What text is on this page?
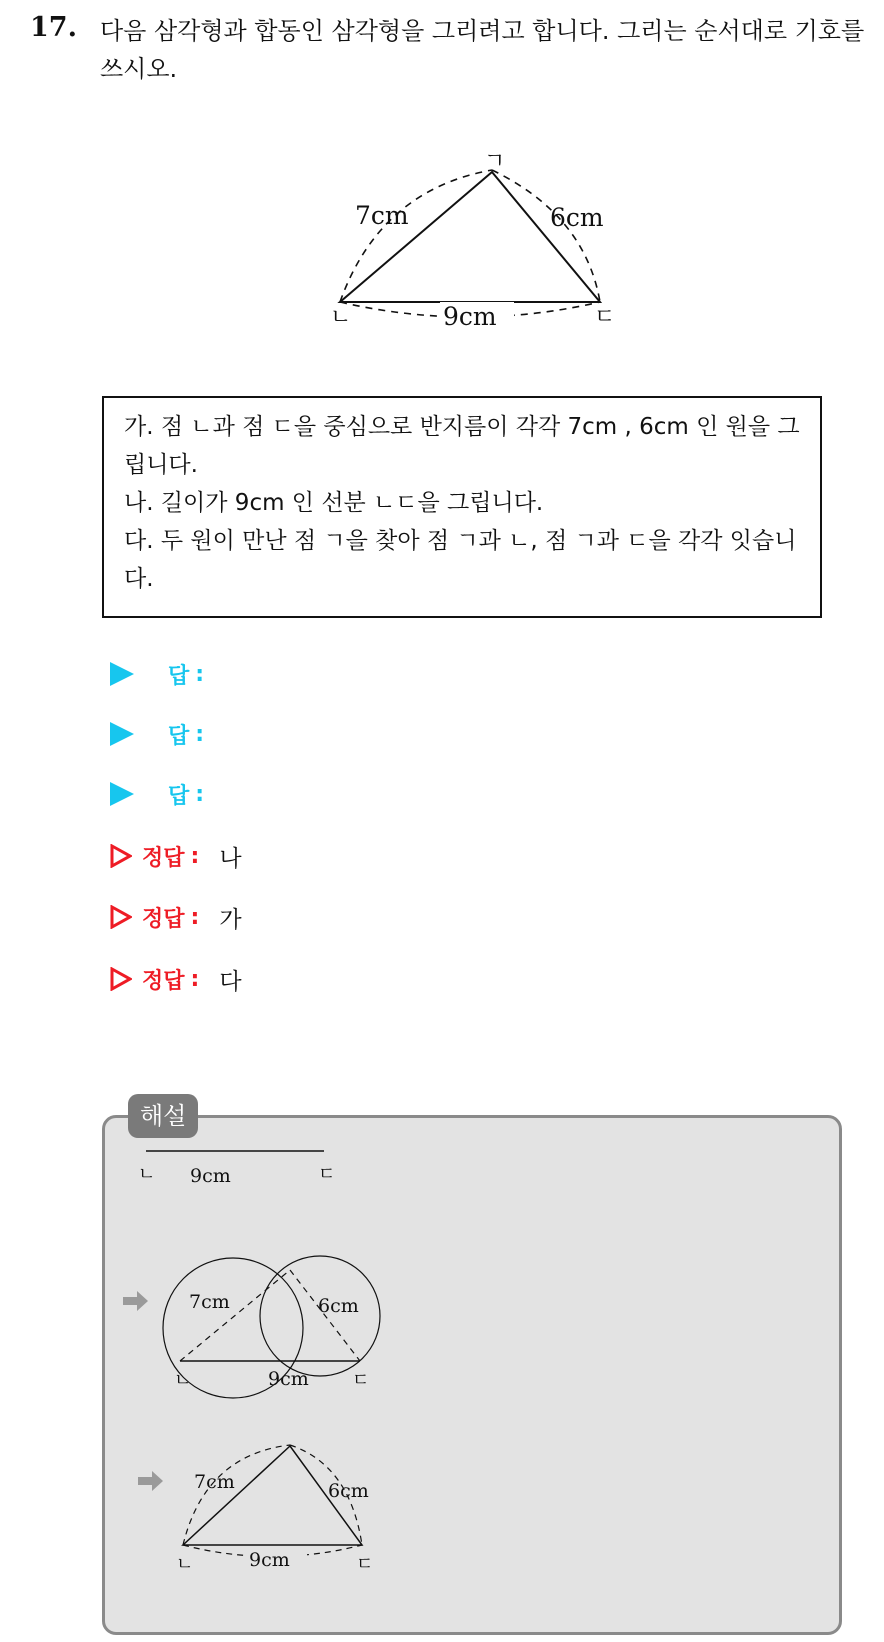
17. 다음 삼각형과 합동인 삼각형을 그리려고 합니다. 그리는 순서대로 기호를 쓰시오.
ㄱ
ㄴ	ㄷ
7cm	6cm
9cm
가. 점 ㄴ과 점 ㄷ을 중심으로 반지름이 각각 7cm , 6cm 인 원을 그립니다.
나. 길이가 9cm 인 선분 ㄴㄷ을 그립니다.
다. 두 원이 만난 점 ㄱ을 찾아 점 ㄱ과 ㄴ, 점 ㄱ과 ㄷ을 각각 잇습니다.
답 :
답 :
답 :
정답 : 나
정답 : 가
정답 : 다
해설
ㄴ	ㄷ
9cm
ㄴ	ㄷ
7cm	6cm
9cm
ㄴ	ㄷ
7cm	6cm
9cm
